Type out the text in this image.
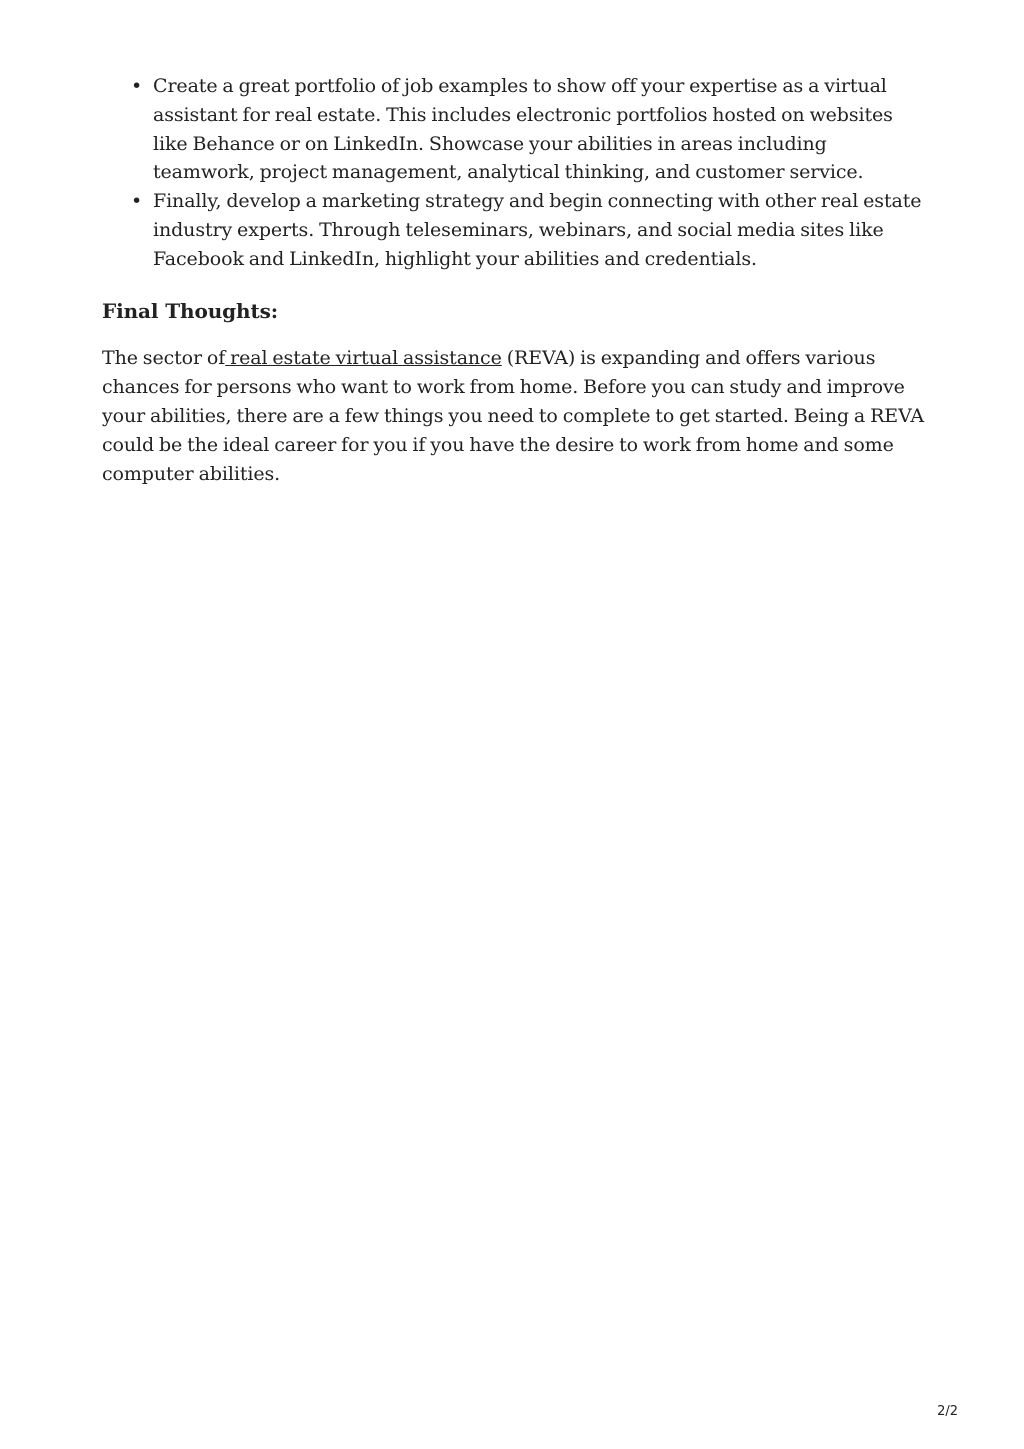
• Create a great portfolio of job examples to show off your expertise as a virtual assistant for real estate. This includes electronic portfolios hosted on websites like Behance or on LinkedIn. Showcase your abilities in areas including teamwork, project management, analytical thinking, and customer service.
• Finally, develop a marketing strategy and begin connecting with other real estate industry experts. Through teleseminars, webinars, and social media sites like Facebook and LinkedIn, highlight your abilities and credentials.
Final Thoughts:

The sector of real estate virtual assistance (REVA) is expanding and offers various chances for persons who want to work from home. Before you can study and improve your abilities, there are a few things you need to complete to get started. Being a REVA could be the ideal career for you if you have the desire to work from home and some computer abilities.

2/2
